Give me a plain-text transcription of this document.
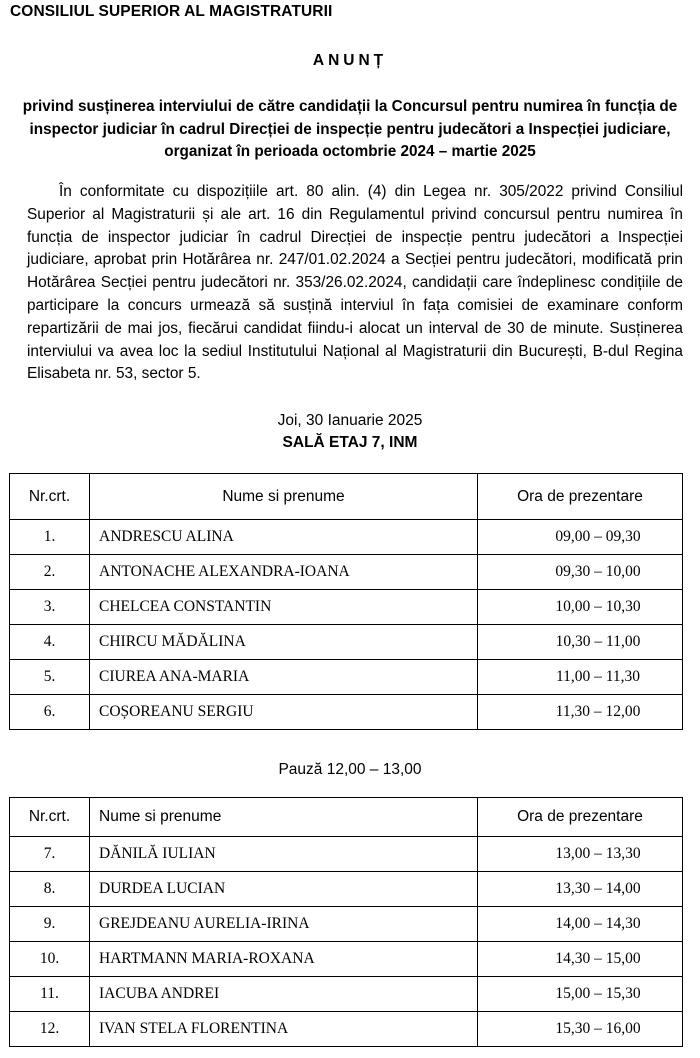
CONSILIUL SUPERIOR AL MAGISTRATURII
ANUNȚ
privind susținerea interviului de către candidații la Concursul pentru numirea în funcția de inspector judiciar în cadrul Direcției de inspecție pentru judecători a Inspecției judiciare, organizat în perioada octombrie 2024 – martie 2025
În conformitate cu dispozițiile art. 80 alin. (4) din Legea nr. 305/2022 privind Consiliul Superior al Magistraturii și ale art. 16 din Regulamentul privind concursul pentru numirea în funcția de inspector judiciar în cadrul Direcției de inspecție pentru judecători a Inspecției judiciare, aprobat prin Hotărârea nr. 247/01.02.2024 a Secției pentru judecători, modificată prin Hotărârea Secției pentru judecători nr. 353/26.02.2024, candidații care îndeplinesc condițiile de participare la concurs urmează să susțină interviul în fața comisiei de examinare conform repartizării de mai jos, fiecărui candidat fiindu-i alocat un interval de 30 de minute. Susținerea interviului va avea loc la sediul Institutului Național al Magistraturii din București, B-dul Regina Elisabeta nr. 53, sector 5.
Joi, 30 Ianuarie 2025
SALĂ ETAJ 7, INM
Nr.crt.	Nume si prenume	Ora de prezentare
1.	ANDRESCU ALINA	09,00 – 09,30
2.	ANTONACHE ALEXANDRA-IOANA	09,30 – 10,00
3.	CHELCEA CONSTANTIN	10,00 – 10,30
4.	CHIRCU MĂDĂLINA	10,30 – 11,00
5.	CIUREA ANA-MARIA	11,00 – 11,30
6.	COȘOREANU SERGIU	11,30 – 12,00
Pauză 12,00 – 13,00
Nr.crt.	Nume si prenume	Ora de prezentare
7.	DĂNILĂ IULIAN	13,00 – 13,30
8.	DURDEA LUCIAN	13,30 – 14,00
9.	GREJDEANU AURELIA-IRINA	14,00 – 14,30
10.	HARTMANN MARIA-ROXANA	14,30 – 15,00
11.	IACUBA ANDREI	15,00 – 15,30
12.	IVAN STELA FLORENTINA	15,30 – 16,00
